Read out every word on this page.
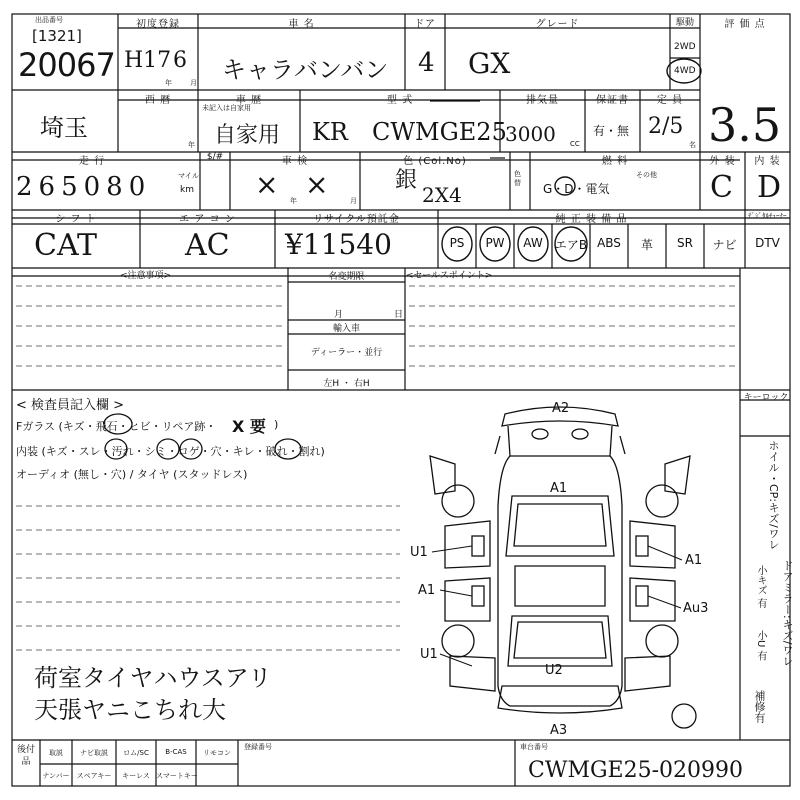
出品番号
[1321]
20067
初度登録
H17 6
年	月
車 名
キャラバンバン
ドア
4
グレード
GX
駆動
2WD
4WD
評 価 点
3.5
埼玉
西 暦
年
車 歴
未記入は自家用
自家用
型 式
KR CWMGE25
排気量
3000 CC
保証書
有・無
定 員
2/5
名
走 行
265080	マイル
km
$/#	車 検
× ×
年	月
色 (Col.No)
銀
2X4
色替
燃 料
G・D・電気
その他
外 装
C
内 装
D
シ フ ト
CAT
エ ア コ ン
AC
リサイクル預託金
¥11540
純 正 装 備 品	ﾃﾞｼﾞﾀﾙﾁｭｰﾅｰ
PS	PW	AW	エアB ABS	革	SR	ナビ	DTV
<注意事項>	名変期限
月	日
輸入車
ディーラー・並行
左H ・ 右H
<セールスポイント>
キーロック
< 検査員記入欄 >
Fガラス (キズ・飛石・ヒビ・リペア跡・ X 要 )
内装 (キズ・スレ・汚れ・シミ・コゲ・穴・キレ・破れ・割れ)
オーディオ (無し・穴) / タイヤ (スタッドレス)
荷室タイヤハウスアリ
天張ヤニこちれ大
A2
A1
U1
A1
A1
Au3
U1
U2
A3
ホイル・CP:キズ/ワレ
小キズ 有 ドアミラー:キズ/ワレ
小U 有
補修有
後付品
取説	ナビ取説	ロム/SC	B-CAS	リモコン
ナンバー	スペアキー	キーレス スマートキー
登録番号	車台番号
CWMGE25-020990
